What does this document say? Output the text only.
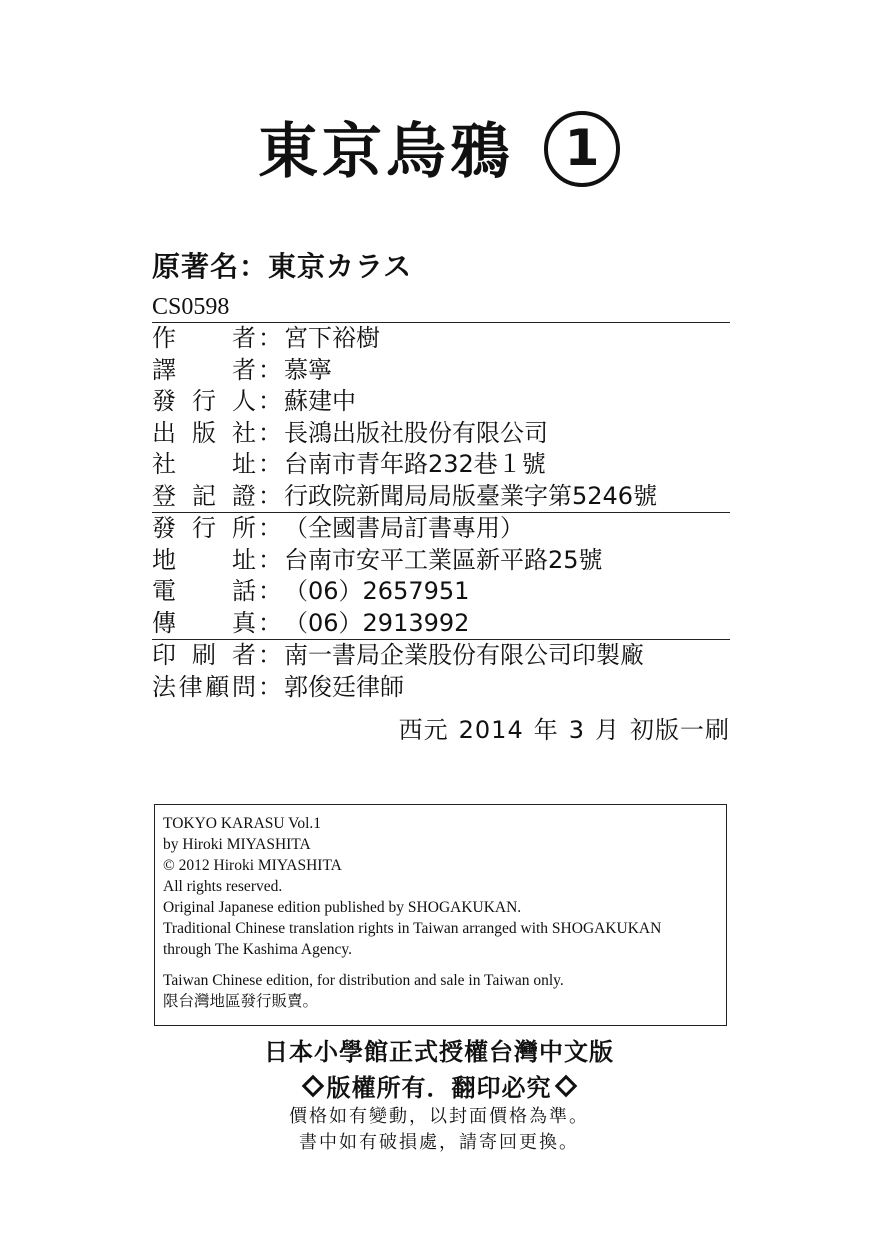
東京烏鴉 1
原著名：東京カラス
CS0598
作 者 ： 宮下裕樹
譯 者 ： 慕寧
發 行 人 ： 蘇建中
出 版 社 ： 長鴻出版社股份有限公司
社 址 ： 台南市青年路232巷１號
登 記 證 ： 行政院新聞局局版臺業字第5246號
發 行 所 ： （全國書局訂書專用）
地 址 ： 台南市安平工業區新平路25號
電 話 ： （06）2657951
傳 真 ： （06）2913992
印 刷 者 ： 南一書局企業股份有限公司印製廠
法 律 顧 問 ： 郭俊廷律師
西元 2014 年 3 月 初版一刷
TOKYO KARASU Vol.1
by Hiroki MIYASHITA
© 2012 Hiroki MIYASHITA
All rights reserved.
Original Japanese edition published by SHOGAKUKAN.
Traditional Chinese translation rights in Taiwan arranged with SHOGAKUKAN
through The Kashima Agency.
Taiwan Chinese edition, for distribution and sale in Taiwan only.
限台灣地區發行販賣。
日本小學館正式授權台灣中文版
版權所有．翻印必究
價格如有變動，以封面價格為準。
書中如有破損處，請寄回更換。
